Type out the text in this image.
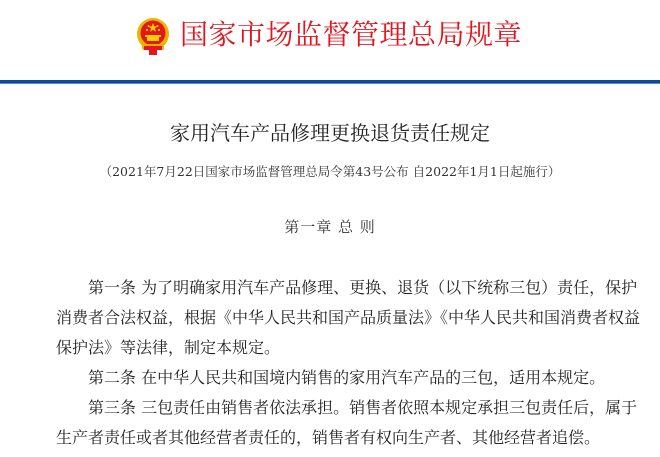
国家市场监督管理总局规章
家用汽车产品修理更换退货责任规定
（2021年7月22日国家市场监督管理总局令第43号公布 自2022年1月1日起施行）
第一章 总 则
第一条 为了明确家用汽车产品修理、更换、退货（以下统称三包）责任，保护
消费者合法权益，根据《中华人民共和国产品质量法》《中华人民共和国消费者权益
保护法》等法律，制定本规定。
第二条 在中华人民共和国境内销售的家用汽车产品的三包，适用本规定。
第三条 三包责任由销售者依法承担。销售者依照本规定承担三包责任后，属于
生产者责任或者其他经营者责任的，销售者有权向生产者、其他经营者追偿。
